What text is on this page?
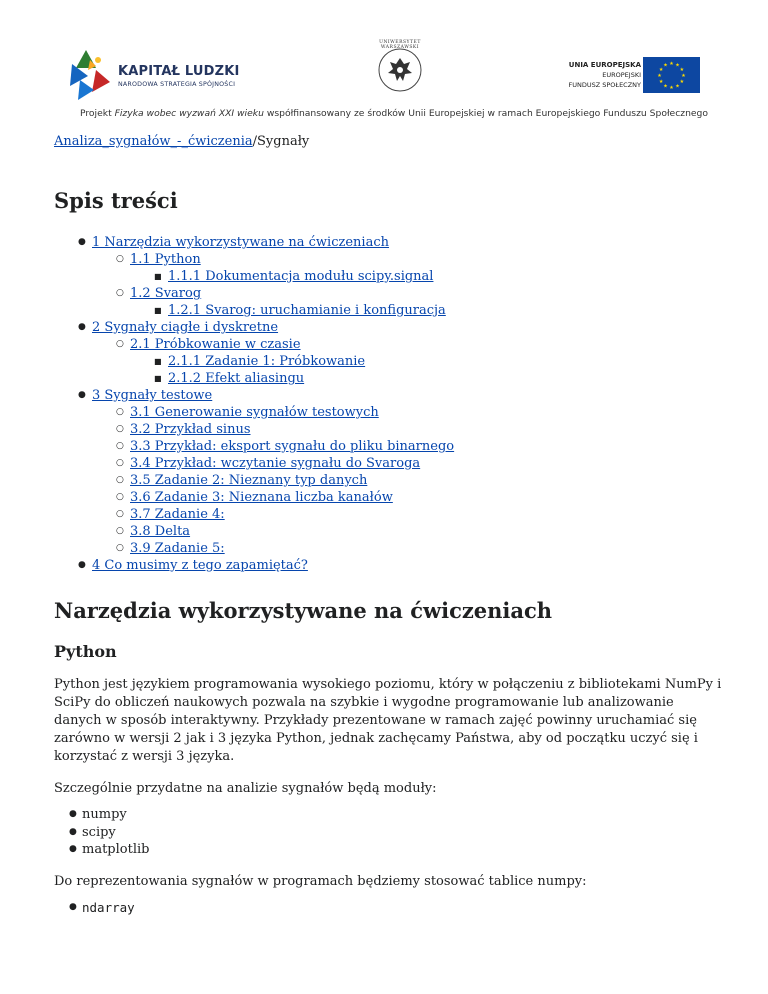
KAPITAŁ LUDZKI
NARODOWA STRATEGIA SPÓJNOŚCI
UNIWERSYTET WARSZAWSKI
UNIA EUROPEJSKA
EUROPEJSKI
FUNDUSZ SPOŁECZNY
★ ★
★
★
★
★
★
★
★
★
★
★
Projekt Fizyka wobec wyzwań XXI wieku współfinansowany ze środków Unii Europejskiej w ramach Europejskiego Funduszu Społecznego

Analiza_sygnałów_-_ćwiczenia/Sygnały

Spis treści
● 1 Narzędzia wykorzystywane na ćwiczeniach
○ 1.1 Python
■ 1.1.1 Dokumentacja modułu scipy.signal
○ 1.2 Svarog
■ 1.2.1 Svarog: uruchamianie i konfiguracja
● 2 Sygnały ciągłe i dyskretne
○ 2.1 Próbkowanie w czasie
■ 2.1.1 Zadanie 1: Próbkowanie
■ 2.1.2 Efekt aliasingu
● 3 Sygnały testowe
○ 3.1 Generowanie sygnałów testowych
○ 3.2 Przykład sinus
○ 3.3 Przykład: eksport sygnału do pliku binarnego
○ 3.4 Przykład: wczytanie sygnału do Svaroga
○ 3.5 Zadanie 2: Nieznany typ danych
○ 3.6 Zadanie 3: Nieznana liczba kanałów
○ 3.7 Zadanie 4:
○ 3.8 Delta
○ 3.9 Zadanie 5:
● 4 Co musimy z tego zapamiętać?
Narzędzia wykorzystywane na ćwiczeniach
Python

Python jest językiem programowania wysokiego poziomu, który w połączeniu z bibliotekami NumPy i SciPy do obliczeń naukowych pozwala na szybkie i wygodne programowanie lub analizowanie danych w sposób interaktywny. Przykłady prezentowane w ramach zajęć powinny uruchamiać się zarówno w wersji 2 jak i 3 języka Python, jednak zachęcamy Państwa, aby od początku uczyć się i korzystać z wersji 3 języka.

Szczególnie przydatne na analizie sygnałów będą moduły:

● numpy
● scipy
● matplotlib

Do reprezentowania sygnałów w programach będziemy stosować tablice numpy:

● ndarray
